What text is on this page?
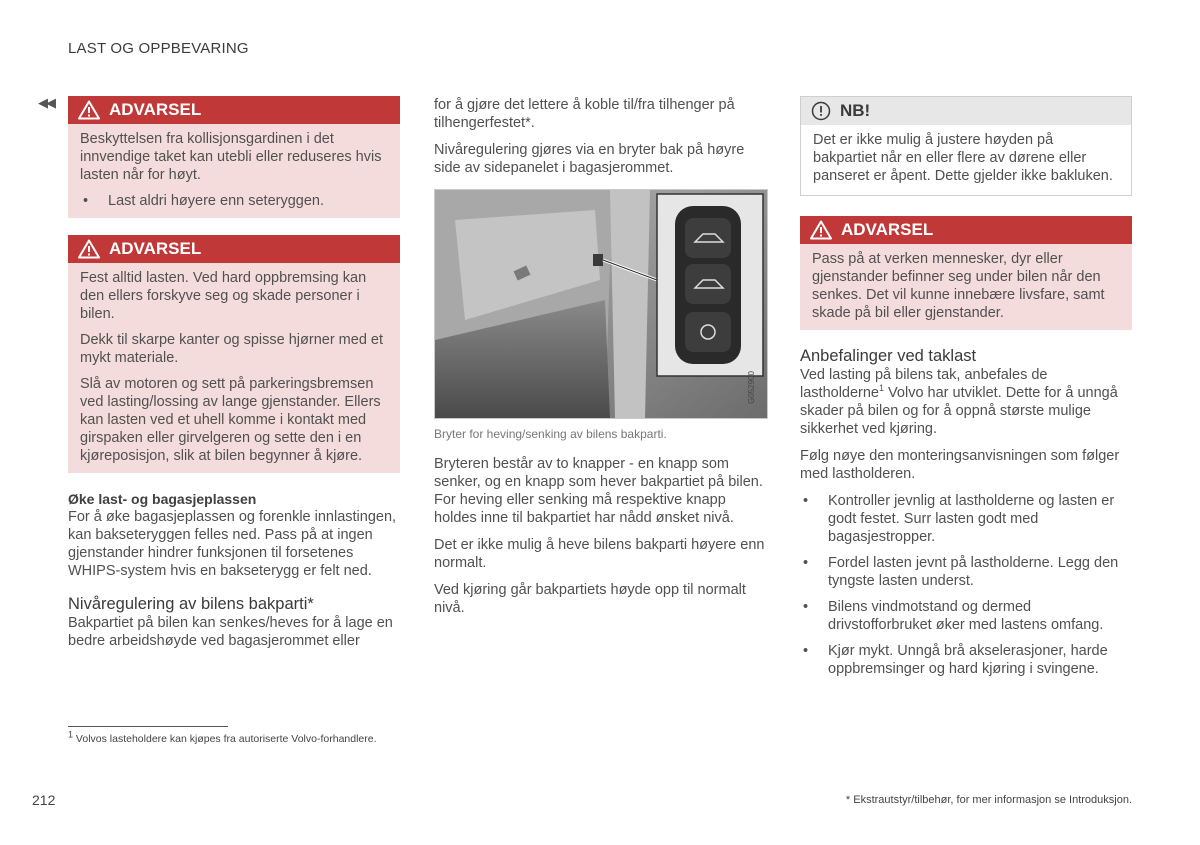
LAST OG OPPBEVARING
◀◀	ADVARSEL

Beskyttelsen fra kollisjonsgardinen i det innvendige taket kan utebli eller reduseres hvis lasten når for høyt.

• Last aldri høyere enn seteryggen.
ADVARSEL

Fest alltid lasten. Ved hard oppbremsing kan den ellers forskyve seg og skade personer i bilen.

Dekk til skarpe kanter og spisse hjørner med et mykt materiale.

Slå av motoren og sett på parkeringsbremsen ved lasting/lossing av lange gjenstander. Ellers kan lasten ved et uhell komme i kontakt med girspaken eller girvelgeren og sette den i en kjøreposisjon, slik at bilen begynner å kjøre.

Øke last- og bagasjeplassen

For å øke bagasjeplassen og forenkle innlastingen, kan bakseteryggen felles ned. Pass på at ingen gjenstander hindrer funksjonen til forsetenes WHIPS-system hvis en bakseterygg er felt ned.

Nivåregulering av bilens bakparti*

Bakpartiet på bilen kan senkes/heves for å lage en bedre arbeidshøyde ved bagasjerommet eller

for å gjøre det lettere å koble til/fra tilhenger på tilhengerfestet*.

Nivåregulering gjøres via en bryter bak på høyre side av sidepanelet i bagasjerommet.

G052900
Bryter for heving/senking av bilens bakparti.

Bryteren består av to knapper - en knapp som senker, og en knapp som hever bakpartiet på bilen. For heving eller senking må respektive knapp holdes inne til bakpartiet har nådd ønsket nivå.

Det er ikke mulig å heve bilens bakparti høyere enn normalt.

Ved kjøring går bakpartiets høyde opp til normalt nivå.

NB!

Det er ikke mulig å justere høyden på bakpartiet når en eller flere av dørene eller panseret er åpent. Dette gjelder ikke bakluken.

ADVARSEL

Pass på at verken mennesker, dyr eller gjenstander befinner seg under bilen når den senkes. Det vil kunne innebære livsfare, samt skade på bil eller gjenstander.

Anbefalinger ved taklast

Ved lasting på bilens tak, anbefales de lastholderne$^1$ Volvo har utviklet. Dette for å unngå skader på bilen og for å oppnå største mulige sikkerhet ved kjøring.

Følg nøye den monteringsanvisningen som følger med lastholderen.

• Kontroller jevnlig at lastholderne og lasten er godt festet. Surr lasten godt med bagasjestropper.
• Fordel lasten jevnt på lastholderne. Legg den tyngste lasten underst.
• Bilens vindmotstand og dermed drivstofforbruket øker med lastens omfang.
• Kjør mykt. Unngå brå akselerasjoner, harde oppbremsinger og hard kjøring i svingene.
$^1$ Volvos lasteholdere kan kjøpes fra autoriserte Volvo-forhandlere.
212	* Ekstrautstyr/tilbehør, for mer informasjon se Introduksjon.
